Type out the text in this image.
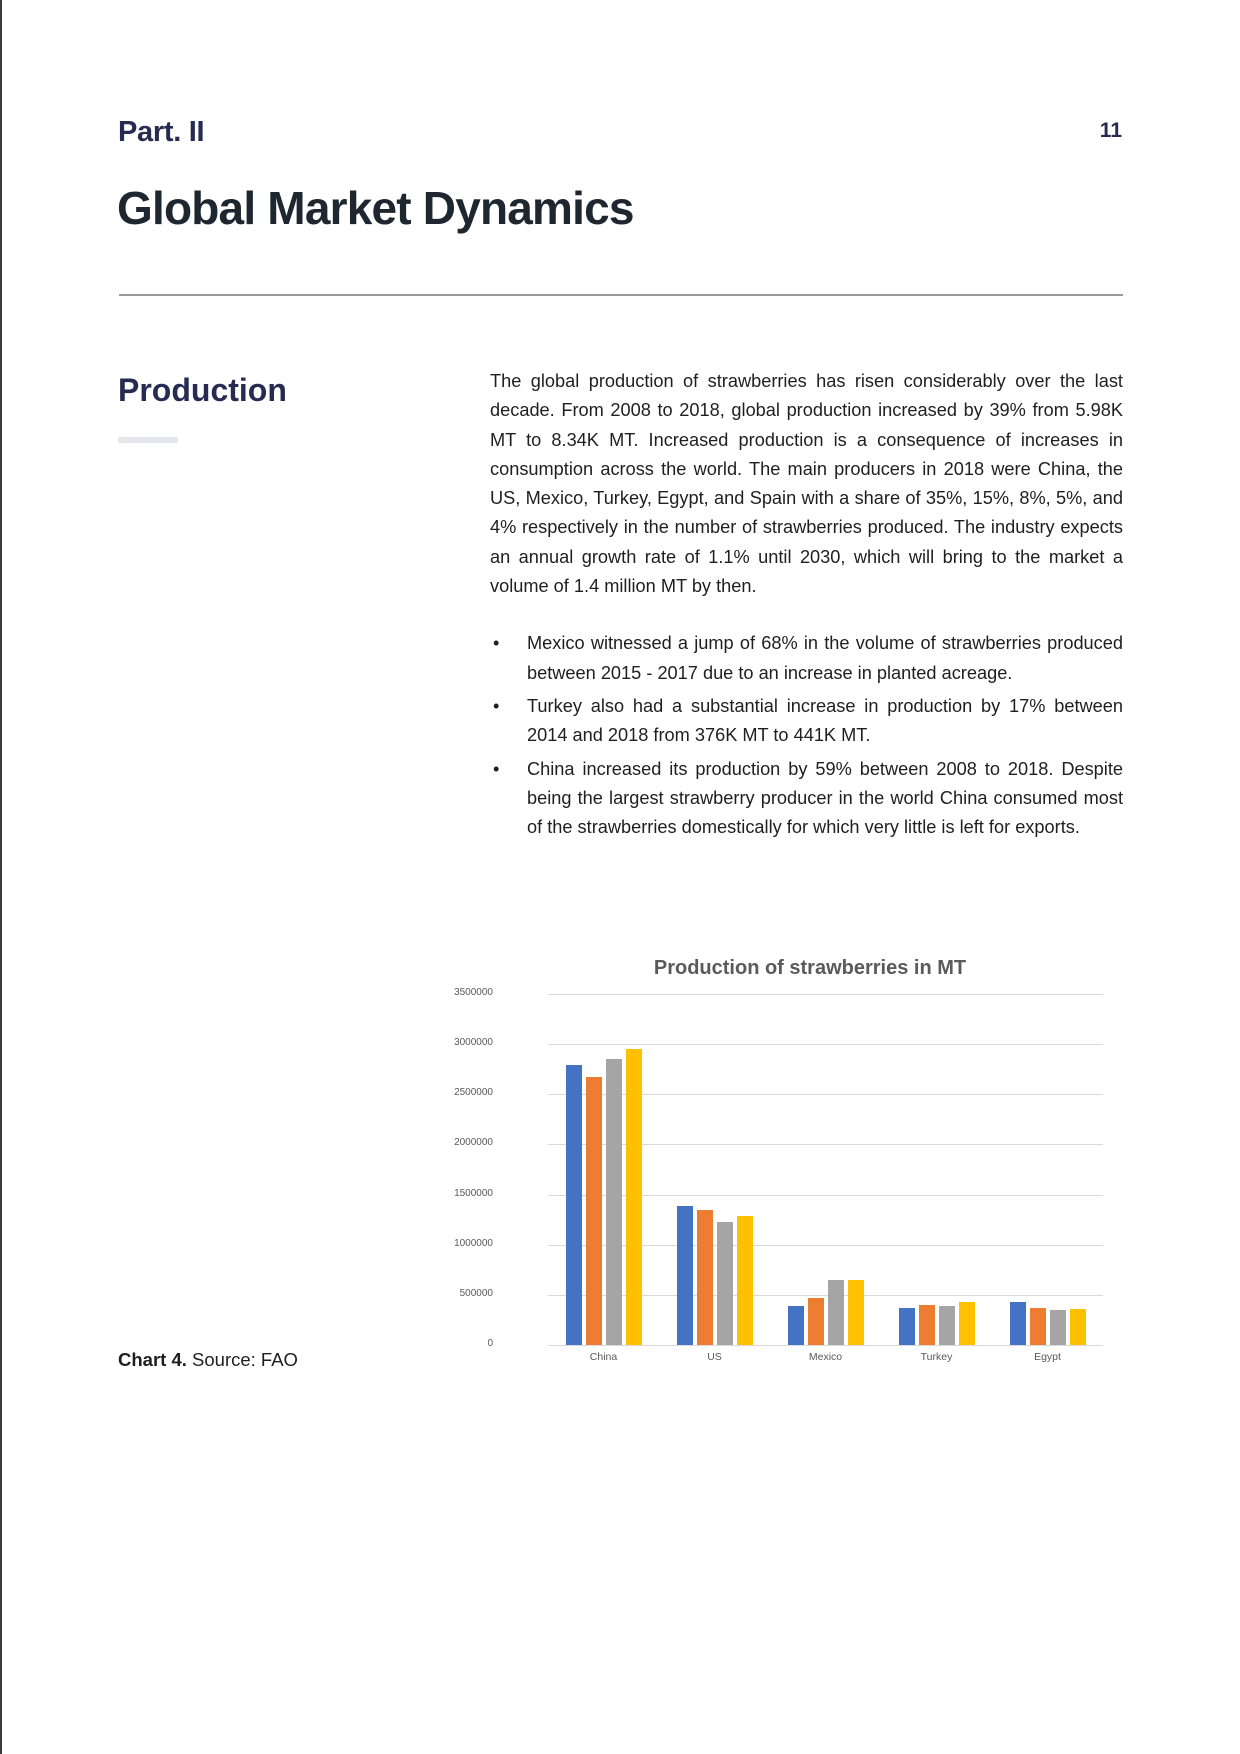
Part. II	11
Global Market Dynamics
Production	The global production of strawberries has risen considerably over the last decade. From 2008 to 2018, global production increased by 39% from 5.98K MT to 8.34K MT. Increased production is a consequence of increases in consumption across the world. The main producers in 2018 were China, the US, Mexico, Turkey, Egypt, and Spain with a share of 35%, 15%, 8%, 5%, and 4% respectively in the number of strawberries produced. The industry expects an annual growth rate of 1.1% until 2030, which will bring to the market a volume of 1.4 million MT by then.

• Mexico witnessed a jump of 68% in the volume of strawberries produced between 2015 - 2017 due to an increase in planted acreage.
• Turkey also had a substantial increase in production by 17% between 2014 and 2018 from 376K MT to 441K MT.
• China increased its production by 59% between 2008 to 2018. Despite being the largest strawberry producer in the world China consumed most of the strawberries domestically for which very little is left for exports.
Chart 4. Source: FAO
Production of strawberries in MT
0
500000
1000000
1500000
2000000
2500000
3000000
3500000
China	US	Mexico	Turkey	Egypt
